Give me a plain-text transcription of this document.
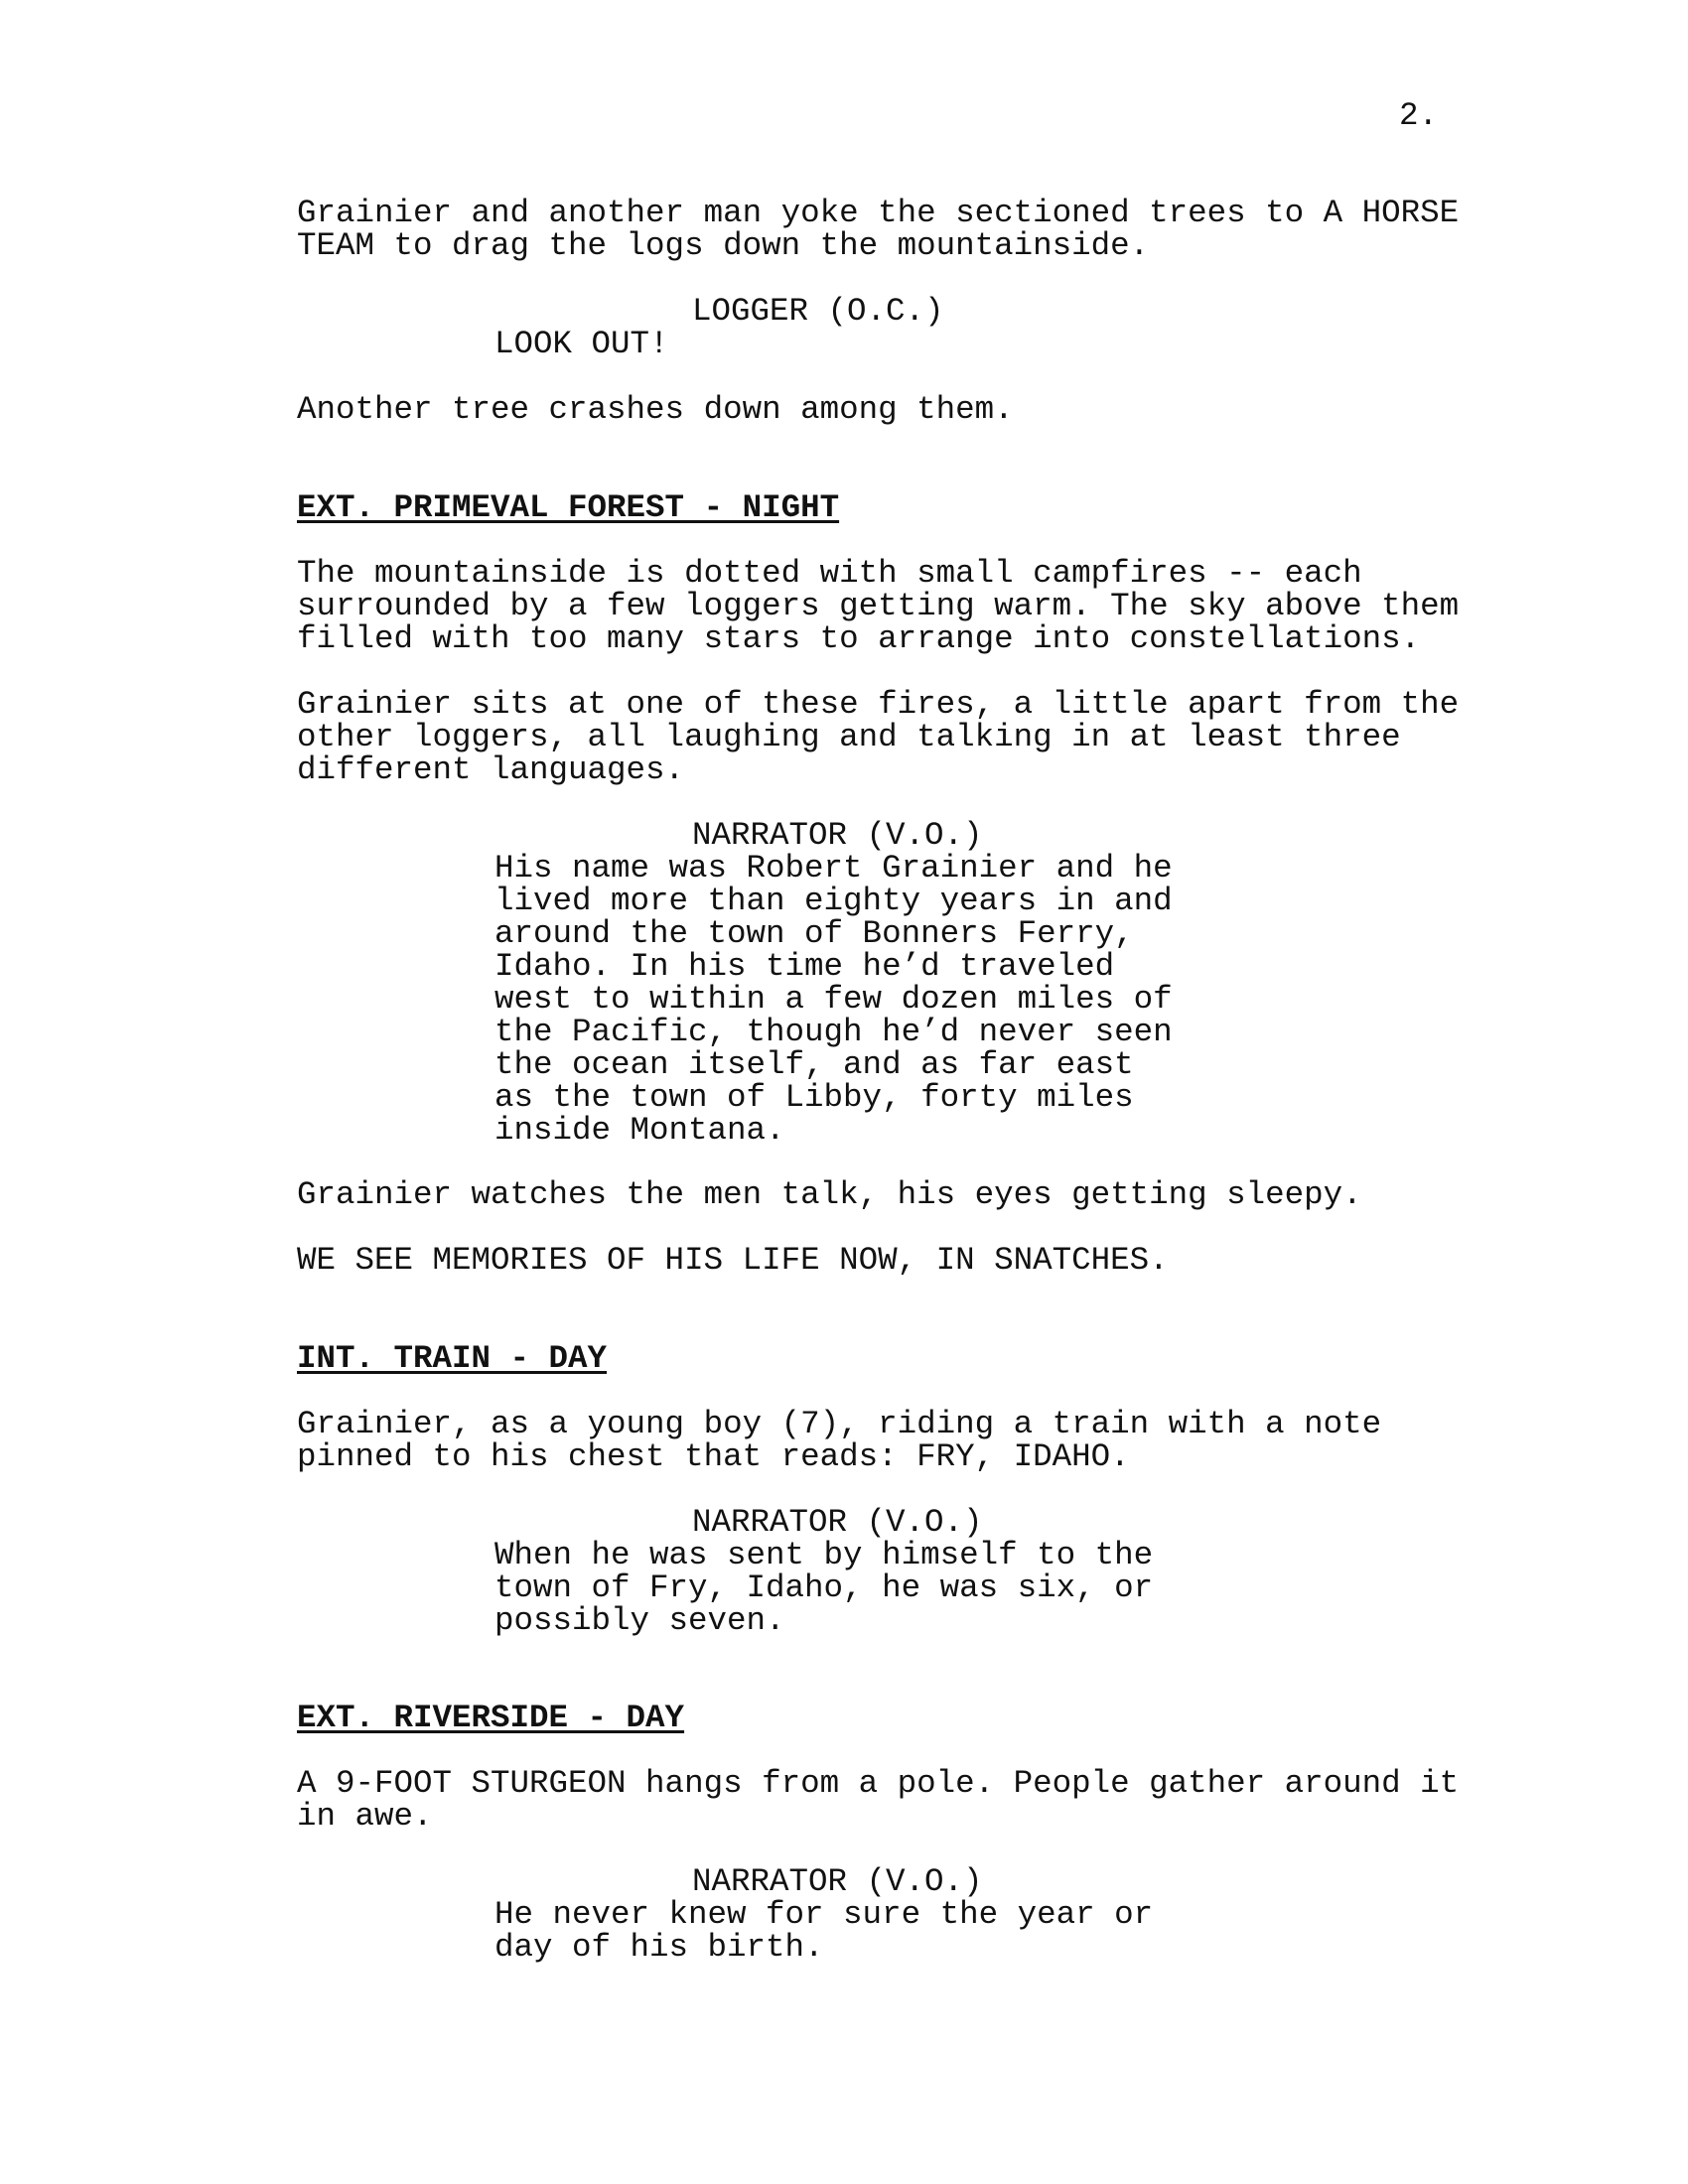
2.

Grainier and another man yoke the sectioned trees to A HORSE
TEAM to drag the logs down the mountainside.

LOGGER (O.C.)

LOOK OUT!

Another tree crashes down among them.

EXT. PRIMEVAL FOREST - NIGHT

The mountainside is dotted with small campfires -- each
surrounded by a few loggers getting warm. The sky above them
filled with too many stars to arrange into constellations.

Grainier sits at one of these fires, a little apart from the
other loggers, all laughing and talking in at least three
different languages.

NARRATOR (V.O.)

His name was Robert Grainier and he
lived more than eighty years in and
around the town of Bonners Ferry,
Idaho. In his time he’d traveled
west to within a few dozen miles of
the Pacific, though he’d never seen
the ocean itself, and as far east
as the town of Libby, forty miles
inside Montana.

Grainier watches the men talk, his eyes getting sleepy.

WE SEE MEMORIES OF HIS LIFE NOW, IN SNATCHES.

INT. TRAIN - DAY

Grainier, as a young boy (7), riding a train with a note
pinned to his chest that reads: FRY, IDAHO.

NARRATOR (V.O.)

When he was sent by himself to the
town of Fry, Idaho, he was six, or
possibly seven.

EXT. RIVERSIDE - DAY

A 9-FOOT STURGEON hangs from a pole. People gather around it
in awe.

NARRATOR (V.O.)

He never knew for sure the year or
day of his birth.
